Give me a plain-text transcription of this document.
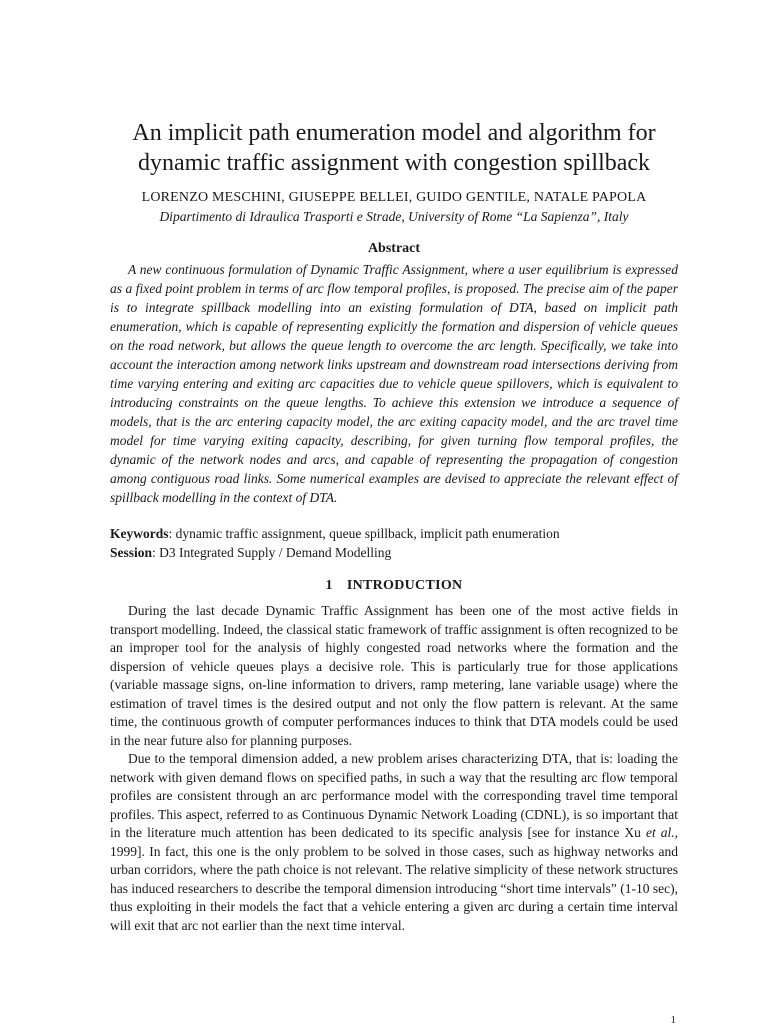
An implicit path enumeration model and algorithm for
dynamic traffic assignment with congestion spillback
LORENZO MESCHINI, GIUSEPPE BELLEI, GUIDO GENTILE, NATALE PAPOLA
Dipartimento di Idraulica Trasporti e Strade, University of Rome “La Sapienza”, Italy
Abstract

A new continuous formulation of Dynamic Traffic Assignment, where a user equilibrium is expressed as a fixed point problem in terms of arc flow temporal profiles, is proposed. The precise aim of the paper is to integrate spillback modelling into an existing formulation of DTA, based on implicit path enumeration, which is capable of representing explicitly the formation and dispersion of vehicle queues on the road network, but allows the queue length to overcome the arc length. Specifically, we take into account the interaction among network links upstream and downstream road intersections deriving from time varying entering and exiting arc capacities due to vehicle queue spillovers, which is equivalent to introducing constraints on the queue lengths. To achieve this extension we introduce a sequence of models, that is the arc entering capacity model, the arc exiting capacity model, and the arc travel time model for time varying exiting capacity, describing, for given turning flow temporal profiles, the dynamic of the network nodes and arcs, and capable of representing the propagation of congestion among contiguous road links. Some numerical examples are devised to appreciate the relevant effect of spillback modelling in the context of DTA.

Keywords: dynamic traffic assignment, queue spillback, implicit path enumeration
Session: D3 Integrated Supply / Demand Modelling
1 INTRODUCTION

During the last decade Dynamic Traffic Assignment has been one of the most active fields in transport modelling. Indeed, the classical static framework of traffic assignment is often recognized to be an improper tool for the analysis of highly congested road networks where the formation and the dispersion of vehicle queues plays a decisive role. This is particularly true for those applications (variable massage signs, on-line information to drivers, ramp metering, lane variable usage) where the estimation of travel times is the desired output and not only the flow pattern is relevant. At the same time, the continuous growth of computer performances induces to think that DTA models could be used in the near future also for planning purposes.

Due to the temporal dimension added, a new problem arises characterizing DTA, that is: loading the network with given demand flows on specified paths, in such a way that the resulting arc flow temporal profiles are consistent through an arc performance model with the corresponding travel time temporal profiles. This aspect, referred to as Continuous Dynamic Network Loading (CDNL), is so important that in the literature much attention has been dedicated to its specific analysis [see for instance Xu et al., 1999]. In fact, this one is the only problem to be solved in those cases, such as highway networks and urban corridors, where the path choice is not relevant. The relative simplicity of these network structures has induced researchers to describe the temporal dimension introducing “short time intervals” (1-10 sec), thus exploiting in their models the fact that a vehicle entering a given arc during a certain time interval will exit that arc not earlier than the next time interval.

1
